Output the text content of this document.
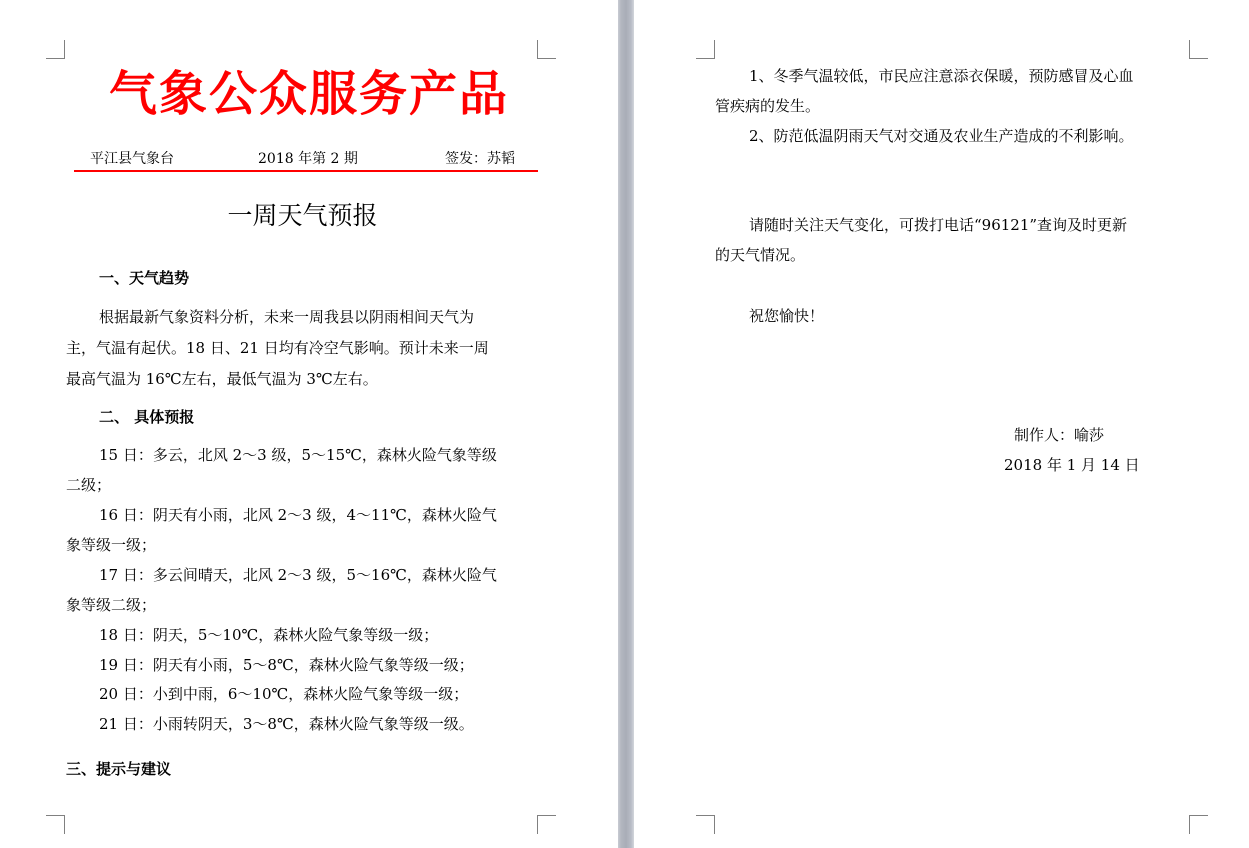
气象公众服务产品
平江县气象台	2018 年第 2 期	签发：苏韬
一周天气预报
一、天气趋势
根据最新气象资料分析，未来一周我县以阴雨相间天气为
主，气温有起伏。18 日、21 日均有冷空气影响。预计未来一周
最高气温为 16℃左右，最低气温为 3℃左右。
二、 具体预报
15 日：多云，北风 2～3 级，5～15℃，森林火险气象等级
二级；
16 日：阴天有小雨，北风 2～3 级，4～11℃，森林火险气
象等级一级；
17 日：多云间晴天，北风 2～3 级，5～16℃，森林火险气
象等级二级；
18 日：阴天，5～10℃，森林火险气象等级一级；
19 日：阴天有小雨，5～8℃，森林火险气象等级一级；
20 日：小到中雨，6～10℃，森林火险气象等级一级；
21 日：小雨转阴天，3～8℃，森林火险气象等级一级。
三、提示与建议
1、冬季气温较低，市民应注意添衣保暖，预防感冒及心血
管疾病的发生。
2、防范低温阴雨天气对交通及农业生产造成的不利影响。
请随时关注天气变化，可拨打电话“96121”查询及时更新
的天气情况。
祝您愉快！
制作人：喻莎
2018 年 1 月 14 日
